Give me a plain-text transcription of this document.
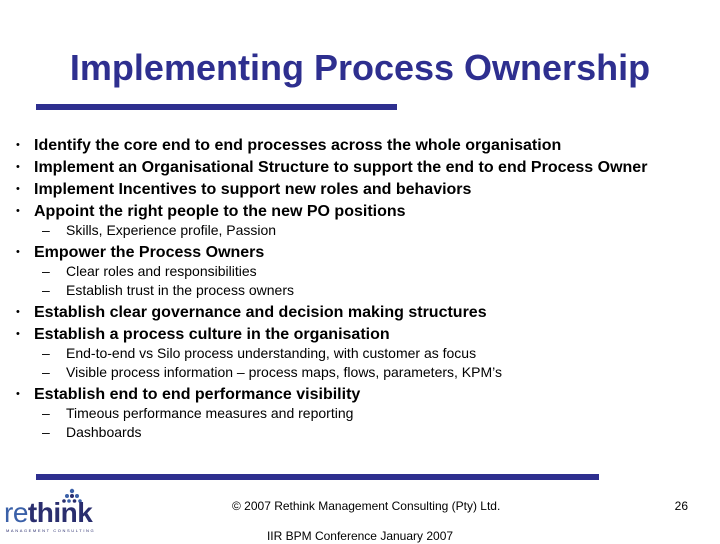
Implementing Process Ownership
• Identify the core end to end processes across the whole organisation
• Implement an Organisational Structure to support the end to end Process Owner
• Implement Incentives to support new roles and behaviors
• Appoint the right people to the new PO positions
– Skills, Experience profile, Passion
• Empower the Process Owners
– Clear roles and responsibilities
– Establish trust in the process owners
• Establish clear governance and decision making structures
• Establish a process culture in the organisation
– End-to-end vs Silo process understanding, with customer as focus
– Visible process information – process maps, flows, parameters, KPM’s
• Establish end to end performance visibility
– Timeous performance measures and reporting
– Dashboards
rethink
MANAGEMENT CONSULTING
© 2007 Rethink Management Consulting (Pty) Ltd.	26
IIR BPM Conference January 2007
